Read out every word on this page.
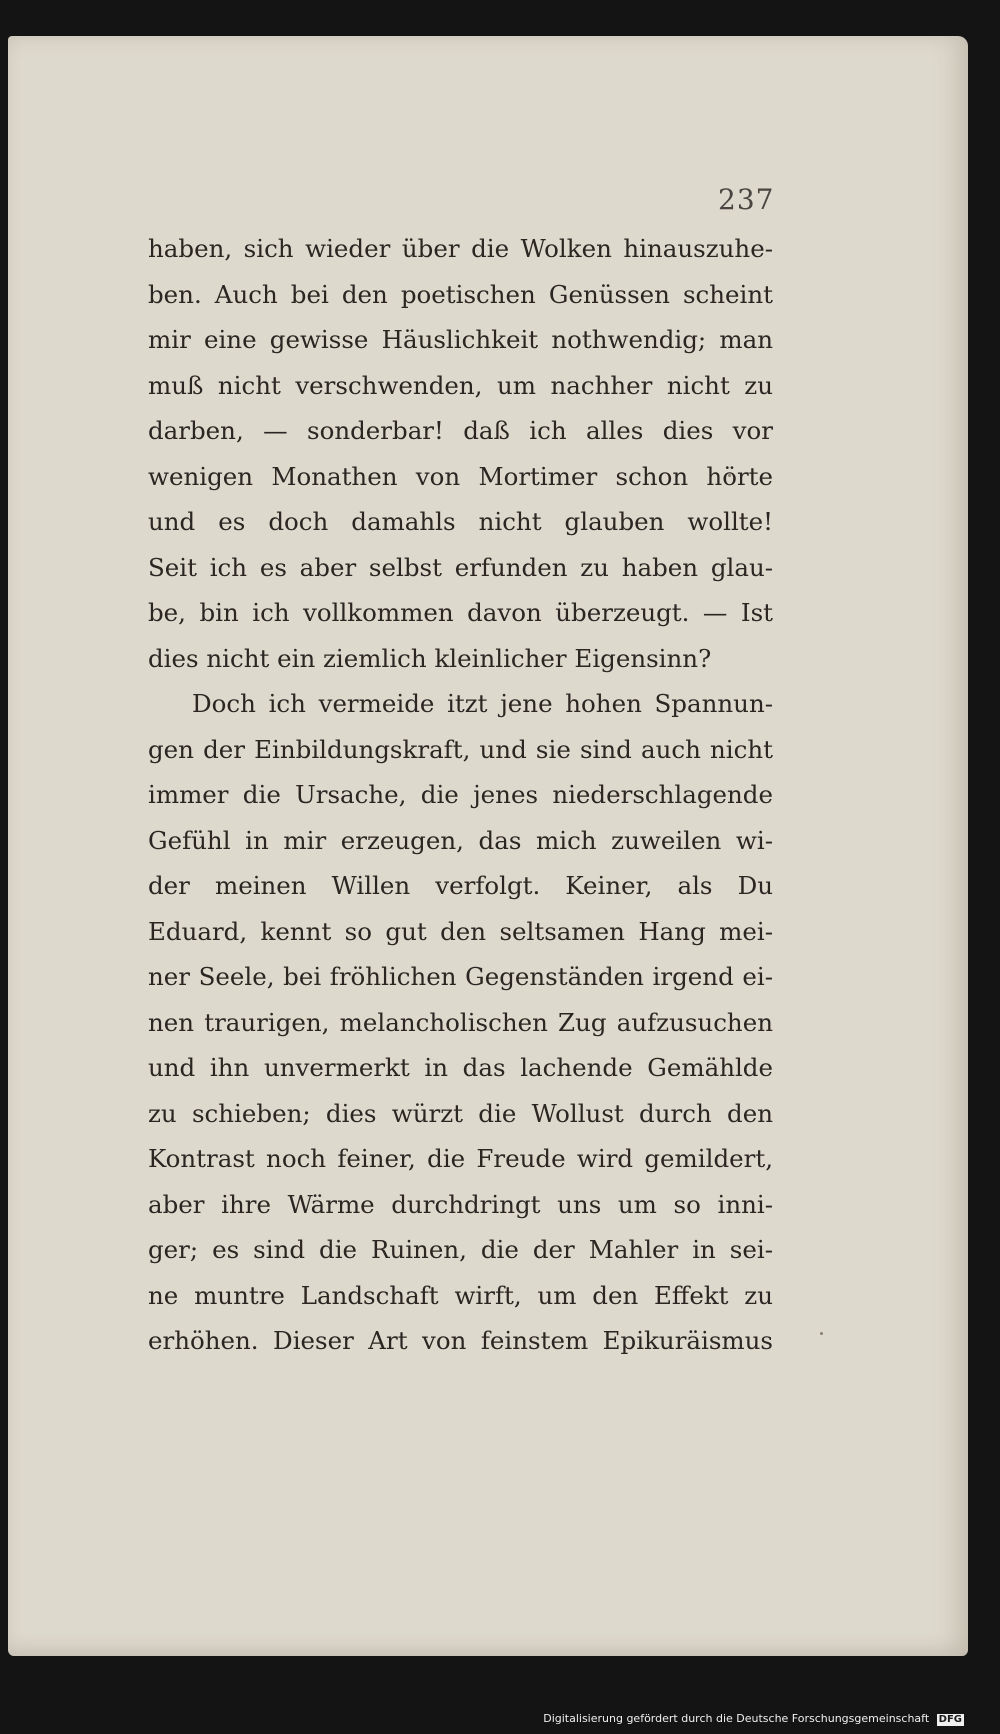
237
haben, sich wieder über die Wolken hinauszuhe-
ben. Auch bei den poetischen Genüssen scheint
mir eine gewisse Häuslichkeit nothwendig; man
muß nicht verschwenden, um nachher nicht zu
darben, — sonderbar! daß ich alles dies vor
wenigen Monathen von Mortimer schon hörte
und es doch damahls nicht glauben wollte!
Seit ich es aber selbst erfunden zu haben glau-
be, bin ich vollkommen davon überzeugt. — Ist
dies nicht ein ziemlich kleinlicher Eigensinn?
Doch ich vermeide itzt jene hohen Spannun-
gen der Einbildungskraft, und sie sind auch nicht
immer die Ursache, die jenes niederschlagende
Gefühl in mir erzeugen, das mich zuweilen wi-
der meinen Willen verfolgt. Keiner, als Du
Eduard, kennt so gut den seltsamen Hang mei-
ner Seele, bei fröhlichen Gegenständen irgend ei-
nen traurigen, melancholischen Zug aufzusuchen
und ihn unvermerkt in das lachende Gemählde
zu schieben; dies würzt die Wollust durch den
Kontrast noch feiner, die Freude wird gemildert,
aber ihre Wärme durchdringt uns um so inni-
ger; es sind die Ruinen, die der Mahler in sei-
ne muntre Landschaft wirft, um den Effekt zu
erhöhen. Dieser Art von feinstem Epikuräismus
Digitalisierung gefördert durch die Deutsche Forschungsgemeinschaft DFG
